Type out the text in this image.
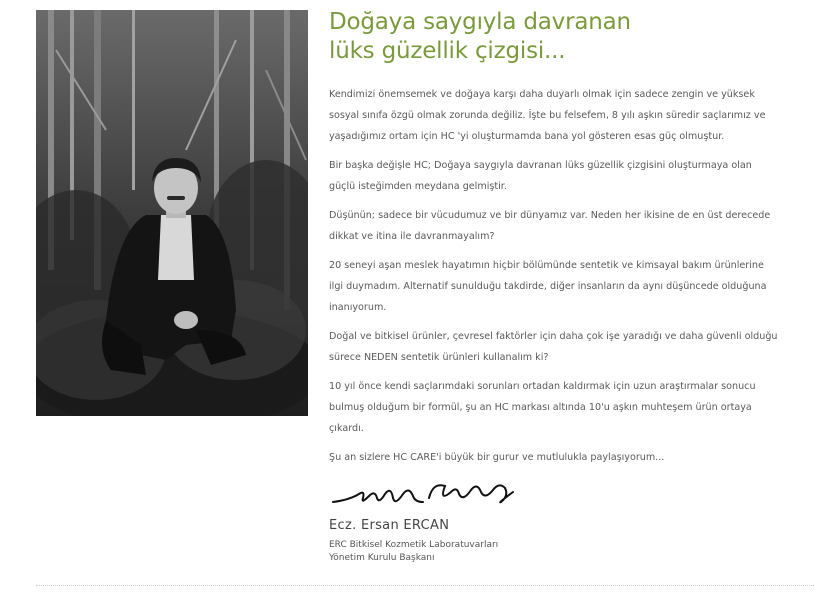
Doğaya saygıyla davranan
lüks güzellik çizgisi...

Kendimizi önemsemek ve doğaya karşı daha duyarlı olmak için sadece zengin ve yüksek sosyal sınıfa özgü olmak zorunda değiliz. İşte bu felsefem, 8 yılı aşkın süredir saçlarımız ve yaşadığımız ortam için HC 'yi oluşturmamda bana yol gösteren esas güç olmuştur.

Bir başka değişle HC; Doğaya saygıyla davranan lüks güzellik çizgisini oluşturmaya olan güçlü isteğimden meydana gelmiştir.

Düşünün; sadece bir vücudumuz ve bir dünyamız var. Neden her ikisine de en üst derecede dikkat ve itina ile davranmayalım?

20 seneyi aşan meslek hayatımın hiçbir bölümünde sentetik ve kimsayal bakım ürünlerine ilgi duymadım. Alternatif sunulduğu takdirde, diğer insanların da aynı düşüncede olduğuna inanıyorum.

Doğal ve bitkisel ürünler, çevresel faktörler için daha çok işe yaradığı ve daha güvenli olduğu sürece NEDEN sentetik ürünleri kullanalım ki?

10 yıl önce kendi saçlarımdaki sorunları ortadan kaldırmak için uzun araştırmalar sonucu bulmuş olduğum bir formül, şu an HC markası altında 10'u aşkın muhteşem ürün ortaya çıkardı.

Şu an sizlere HC CARE'i büyük bir gurur ve mutlulukla paylaşıyorum...

Ecz. Ersan ERCAN
ERC Bitkisel Kozmetik Laboratuvarları
Yönetim Kurulu Başkanı
